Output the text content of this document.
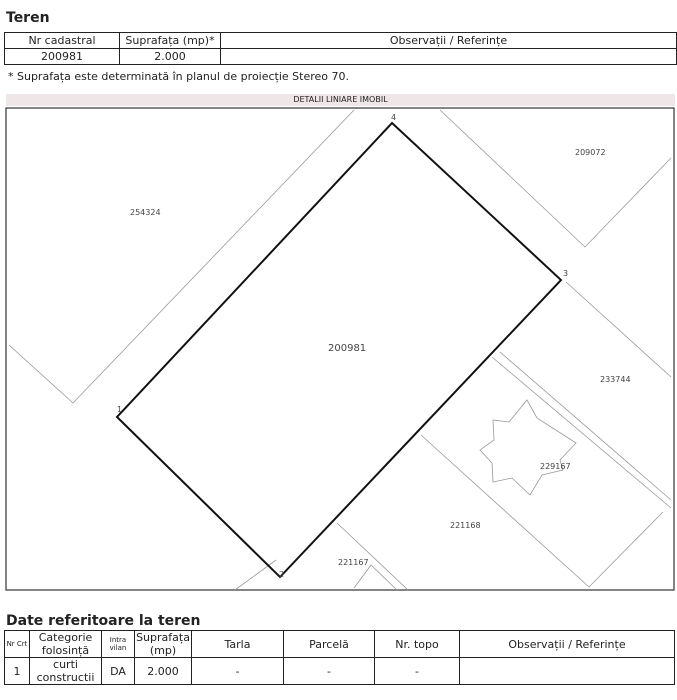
Teren
Nr cadastral	Suprafața (mp)*	Observații / Referințe
200981	2.000	
* Suprafața este determinată în planul de proiecție Stereo 70.
DETALII LINIARE IMOBIL
1
2
3
4
200981
254324
209072
233744
229167
221168
221167
Date referitoare la teren
Nr Crt	Categorie folosință	Intra vilan	Suprafața (mp)	Tarla	Parcelă	Nr. topo	Observații / Referințe
1	curti constructii	DA	2.000	-	-	-	
